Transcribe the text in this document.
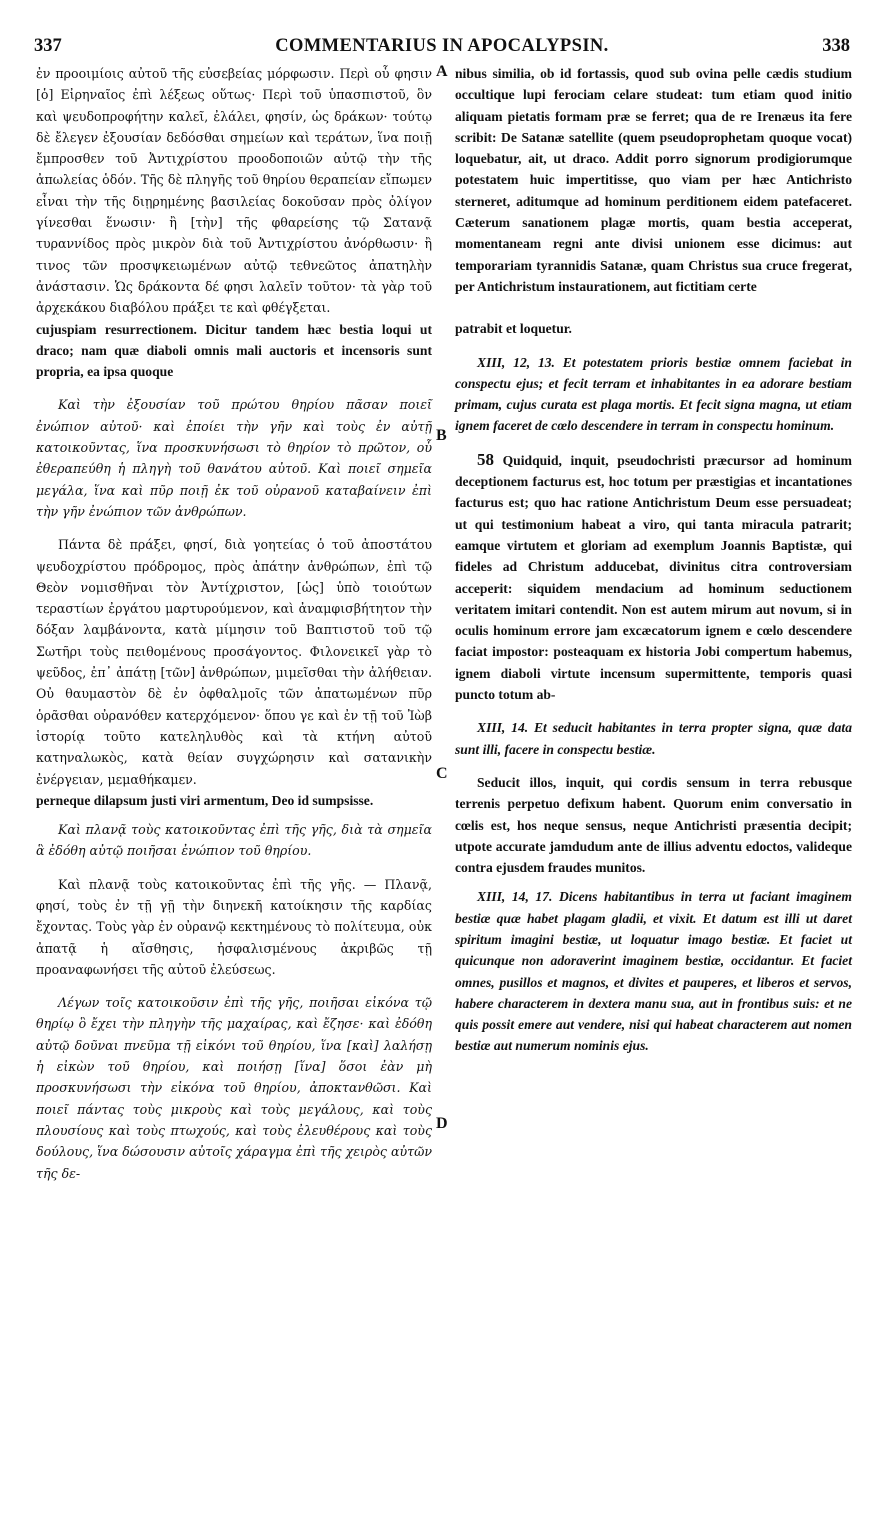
337	COMMENTARIUS IN APOCALYPSIN.	338
A
B
C
D

ἐν προοιμίοις αὐτοῦ τῆς εὐσεβείας μόρφωσιν. Περὶ οὗ φησιν [ὁ] Εἰρηναῖος ἐπὶ λέξεως οὕτως· Περὶ τοῦ ὑπασπιστοῦ, ὃν καὶ ψευδοπροφήτην καλεῖ, ἐλάλει, φησίν, ὡς δράκων· τούτῳ δὲ ἔλεγεν ἐξουσίαν δεδόσθαι σημείων καὶ τεράτων, ἵνα ποιῇ ἔμπροσθεν τοῦ Ἀντιχρίστου προοδοποιῶν αὐτῷ τὴν τῆς ἀπωλείας ὁδόν. Τῆς δὲ πληγῆς τοῦ θηρίου θεραπείαν εἴπωμεν εἶναι τὴν τῆς διῃρημένης βασιλείας δοκοῦσαν πρὸς ὀλίγον γίνεσθαι ἕνωσιν· ἢ [τὴν] τῆς φθαρείσης τῷ Σατανᾷ τυραννίδος πρὸς μικρὸν διὰ τοῦ Ἀντιχρίστου ἀνόρθωσιν· ἢ τινος τῶν προσψκειωμένων αὐτῷ τεθνεῶτος ἀπατηλὴν ἀνάστασιν. Ὡς δράκοντα δέ φησι λαλεῖν τοῦτον· τὰ γὰρ τοῦ ἀρχεκάκου διαβόλου πράξει τε καὶ φθέγξεται.

cujuspiam resurrectionem. Dicitur tandem hæc bestia loqui ut draco; nam quæ diaboli omnis mali auctoris et incensoris sunt propria, ea ipsa quoque

Καὶ τὴν ἐξουσίαν τοῦ πρώτου θηρίου πᾶσαν ποιεῖ ἐνώπιον αὐτοῦ· καὶ ἐποίει τὴν γῆν καὶ τοὺς ἐν αὐτῇ κατοικοῦντας, ἵνα προσκυνήσωσι τὸ θηρίον τὸ πρῶτον, οὗ ἐθεραπεύθη ἡ πληγὴ τοῦ θανάτου αὐτοῦ. Καὶ ποιεῖ σημεῖα μεγάλα, ἵνα καὶ πῦρ ποιῇ ἐκ τοῦ οὐρανοῦ καταβαίνειν ἐπὶ τὴν γῆν ἐνώπιον τῶν ἀνθρώπων.

Πάντα δὲ πράξει, φησί, διὰ γοητείας ὁ τοῦ ἀποστάτου ψευδοχρίστου πρόδρομος, πρὸς ἀπάτην ἀνθρώπων, ἐπὶ τῷ Θεὸν νομισθῆναι τὸν Ἀντίχριστον, [ὡς] ὑπὸ τοιούτων τεραστίων ἐργάτου μαρτυρούμενον, καὶ ἀναμφισβήτητον τὴν δόξαν λαμβάνοντα, κατὰ μίμησιν τοῦ Βαπτιστοῦ τοῦ τῷ Σωτῆρι τοὺς πειθομένους προσάγοντος. Φιλονεικεῖ γὰρ τὸ ψεῦδος, ἐπ᾽ ἀπάτῃ [τῶν] ἀνθρώπων, μιμεῖσθαι τὴν ἀλήθειαν. Οὐ θαυμαστὸν δὲ ἐν ὀφθαλμοῖς τῶν ἀπατωμένων πῦρ ὁρᾶσθαι οὐρανόθεν κατερχόμενον· ὅπου γε καὶ ἐν τῇ τοῦ Ἰὼβ ἱστορίᾳ τοῦτο κατεληλυθὸς καὶ τὰ κτήνη αὐτοῦ κατηναλωκὸς, κατὰ θείαν συγχώρησιν καὶ σατανικὴν ἐνέργειαν, μεμαθήκαμεν.

perneque dilapsum justi viri armentum, Deo id sumpsisse.

Καὶ πλανᾷ τοὺς κατοικοῦντας ἐπὶ τῆς γῆς, διὰ τὰ σημεῖα ἃ ἐδόθη αὐτῷ ποιῆσαι ἐνώπιον τοῦ θηρίου.

Καὶ πλανᾷ τοὺς κατοικοῦντας ἐπὶ τῆς γῆς. — Πλανᾷ, φησί, τοὺς ἐν τῇ γῇ τὴν διηνεκῆ κατοίκησιν τῆς καρδίας ἔχοντας. Τοὺς γὰρ ἐν οὐρανῷ κεκτημένους τὸ πολίτευμα, οὐκ ἀπατᾷ ἡ αἴσθησις, ἠσφαλισμένους ἀκριβῶς τῇ προαναφωνήσει τῆς αὐτοῦ ἐλεύσεως.

Λέγων τοῖς κατοικοῦσιν ἐπὶ τῆς γῆς, ποιῆσαι εἰκόνα τῷ θηρίῳ ὃ ἔχει τὴν πληγὴν τῆς μαχαίρας, καὶ ἔζησε· καὶ ἐδόθη αὐτῷ δοῦναι πνεῦμα τῇ εἰκόνι τοῦ θηρίου, ἵνα [καὶ] λαλήσῃ ἡ εἰκὼν τοῦ θηρίου, καὶ ποιήσῃ [ἵνα] ὅσοι ἐὰν μὴ προσκυνήσωσι τὴν εἰκόνα τοῦ θηρίου, ἀποκτανθῶσι. Καὶ ποιεῖ πάντας τοὺς μικροὺς καὶ τοὺς μεγάλους, καὶ τοὺς πλουσίους καὶ τοὺς πτωχούς, καὶ τοὺς ἐλευθέρους καὶ τοὺς δούλους, ἵνα δώσουσιν αὐτοῖς χάραγμα ἐπὶ τῆς χειρὸς αὐτῶν τῆς δε-

nibus similia, ob id fortassis, quod sub ovina pelle cædis studium occultique lupi ferociam celare studeat: tum etiam quod initio aliquam pietatis formam præ se ferret; qua de re Irenæus ita fere scribit: De Satanæ satellite (quem pseudoprophetam quoque vocat) loquebatur, ait, ut draco. Addit porro signorum prodigiorumque potestatem huic impertitisse, quo viam per hæc Antichristo sterneret, aditumque ad hominum perditionem eidem patefaceret. Cæterum sanationem plagæ mortis, quam bestia acceperat, momentaneam regni ante divisi unionem esse dicimus: aut temporariam tyrannidis Satanæ, quam Christus sua cruce fregerat, per Antichristum instaurationem, aut fictitiam certe

patrabit et loquetur.

XIII, 12, 13. Et potestatem prioris bestiæ omnem faciebat in conspectu ejus; et fecit terram et inhabitantes in ea adorare bestiam primam, cujus curata est plaga mortis. Et fecit signa magna, ut etiam ignem faceret de cœlo descendere in terram in conspectu hominum.

58 Quidquid, inquit, pseudochristi præcursor ad hominum deceptionem facturus est, hoc totum per præstigias et incantationes facturus est; quo hac ratione Antichristum Deum esse persuadeat; ut qui testimonium habeat a viro, qui tanta miracula patrarit; eamque virtutem et gloriam ad exemplum Joannis Baptistæ, qui fideles ad Christum adducebat, divinitus citra controversiam acceperit: siquidem mendacium ad hominum seductionem veritatem imitari contendit. Non est autem mirum aut novum, si in oculis hominum errore jam excæcatorum ignem e cœlo descendere faciat impostor: posteaquam ex historia Jobi compertum habemus, ignem diaboli virtute incensum supermittente, temporis quasi puncto totum ab-

XIII, 14. Et seducit habitantes in terra propter signa, quæ data sunt illi, facere in conspectu bestiæ.

Seducit illos, inquit, qui cordis sensum in terra rebusque terrenis perpetuo defixum habent. Quorum enim conversatio in cœlis est, hos neque sensus, neque Antichristi præsentia decipit; utpote accurate jamdudum ante de illius adventu edoctos, valideque contra ejusdem fraudes munitos.

XIII, 14, 17. Dicens habitantibus in terra ut faciant imaginem bestiæ quæ habet plagam gladii, et vixit. Et datum est illi ut daret spiritum imagini bestiæ, ut loquatur imago bestiæ. Et faciet ut quicunque non adoraverint imaginem bestiæ, occidantur. Et faciet omnes, pusillos et magnos, et divites et pauperes, et liberos et servos, habere characterem in dextera manu sua, aut in frontibus suis: et ne quis possit emere aut vendere, nisi qui habeat characterem aut nomen bestiæ aut numerum nominis ejus.
